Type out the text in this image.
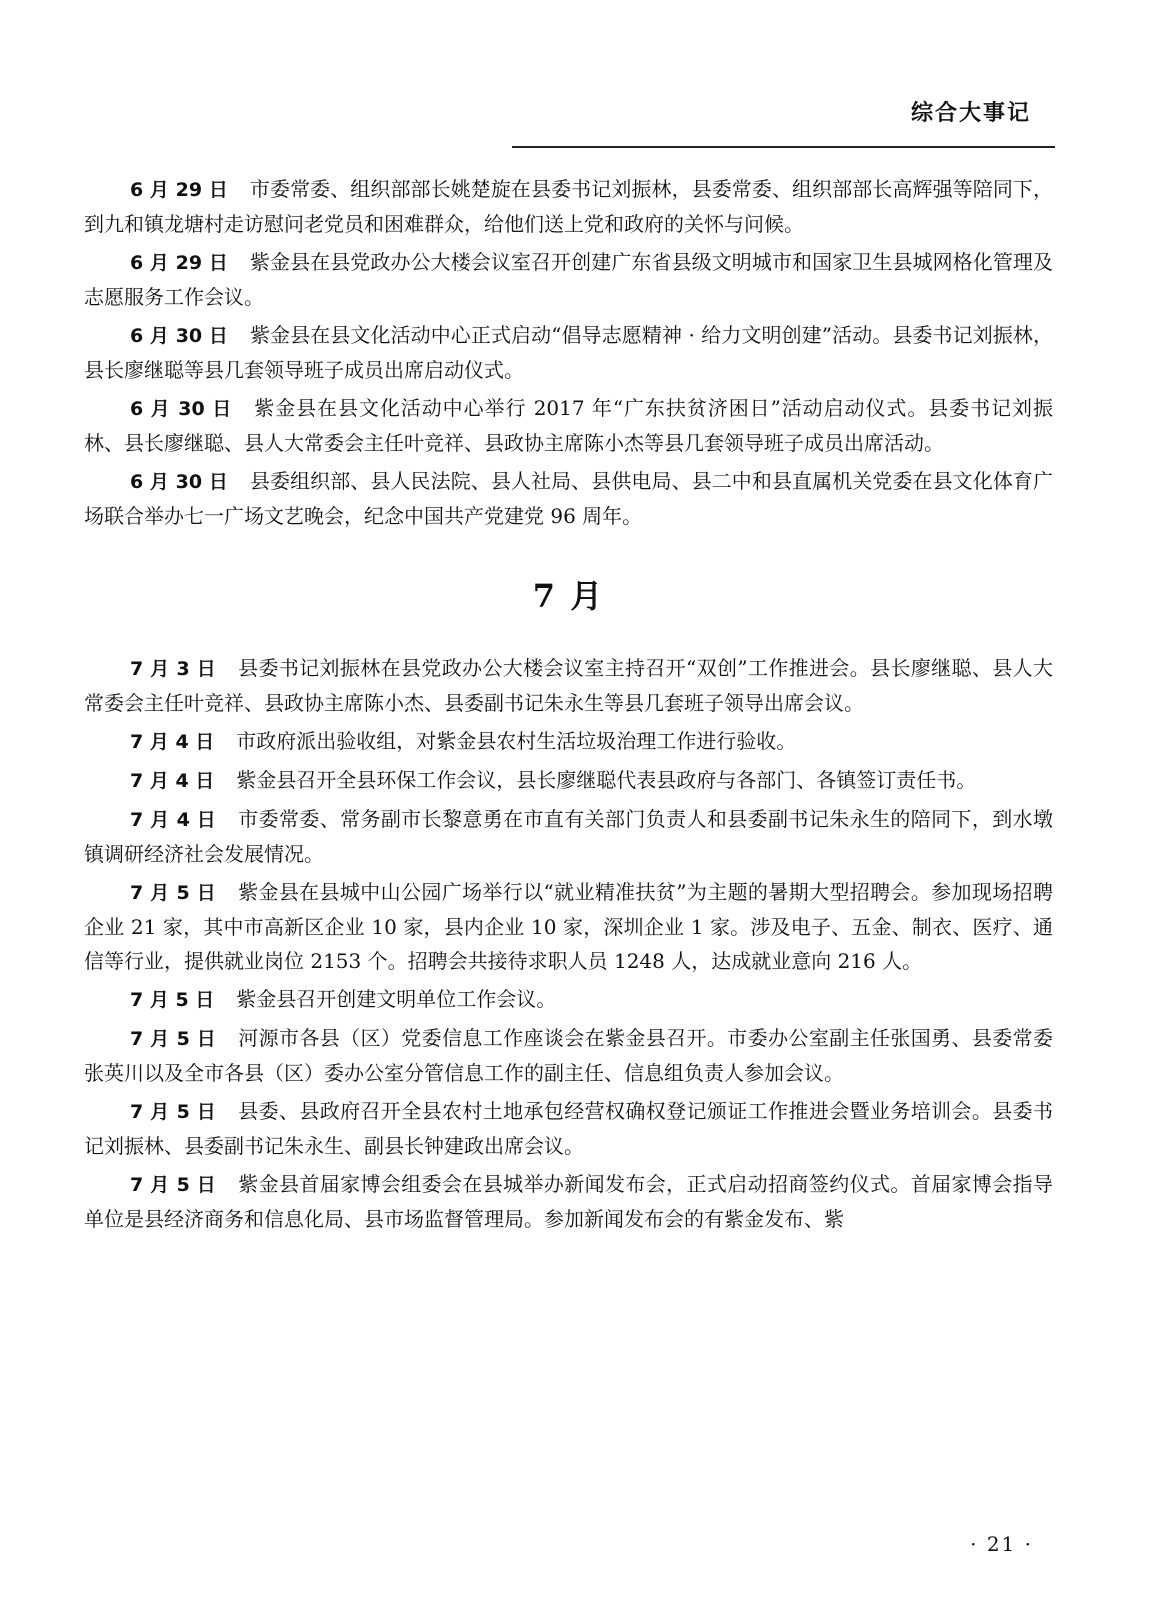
综合大事记

6 月 29 日 市委常委、组织部部长姚楚旋在县委书记刘振林，县委常委、组织部部长高辉强等陪同下，到九和镇龙塘村走访慰问老党员和困难群众，给他们送上党和政府的关怀与问候。

6 月 29 日 紫金县在县党政办公大楼会议室召开创建广东省县级文明城市和国家卫生县城网格化管理及志愿服务工作会议。

6 月 30 日 紫金县在县文化活动中心正式启动“倡导志愿精神 · 给力文明创建”活动。县委书记刘振林，县长廖继聪等县几套领导班子成员出席启动仪式。

6 月 30 日 紫金县在县文化活动中心举行 2017 年“广东扶贫济困日”活动启动仪式。县委书记刘振林、县长廖继聪、县人大常委会主任叶竞祥、县政协主席陈小杰等县几套领导班子成员出席活动。

6 月 30 日 县委组织部、县人民法院、县人社局、县供电局、县二中和县直属机关党委在县文化体育广场联合举办七一广场文艺晚会，纪念中国共产党建党 96 周年。

7 月

7 月 3 日 县委书记刘振林在县党政办公大楼会议室主持召开“双创”工作推进会。县长廖继聪、县人大常委会主任叶竞祥、县政协主席陈小杰、县委副书记朱永生等县几套班子领导出席会议。

7 月 4 日 市政府派出验收组，对紫金县农村生活垃圾治理工作进行验收。

7 月 4 日 紫金县召开全县环保工作会议，县长廖继聪代表县政府与各部门、各镇签订责任书。

7 月 4 日 市委常委、常务副市长黎意勇在市直有关部门负责人和县委副书记朱永生的陪同下，到水墩镇调研经济社会发展情况。

7 月 5 日 紫金县在县城中山公园广场举行以“就业精准扶贫”为主题的暑期大型招聘会。参加现场招聘企业 21 家，其中市高新区企业 10 家，县内企业 10 家，深圳企业 1 家。涉及电子、五金、制衣、医疗、通信等行业，提供就业岗位 2153 个。招聘会共接待求职人员 1248 人，达成就业意向 216 人。

7 月 5 日 紫金县召开创建文明单位工作会议。

7 月 5 日 河源市各县（区）党委信息工作座谈会在紫金县召开。市委办公室副主任张国勇、县委常委张英川以及全市各县（区）委办公室分管信息工作的副主任、信息组负责人参加会议。

7 月 5 日 县委、县政府召开全县农村土地承包经营权确权登记颁证工作推进会暨业务培训会。县委书记刘振林、县委副书记朱永生、副县长钟建政出席会议。

7 月 5 日 紫金县首届家博会组委会在县城举办新闻发布会，正式启动招商签约仪式。首届家博会指导单位是县经济商务和信息化局、县市场监督管理局。参加新闻发布会的有紫金发布、紫

· 21 ·
